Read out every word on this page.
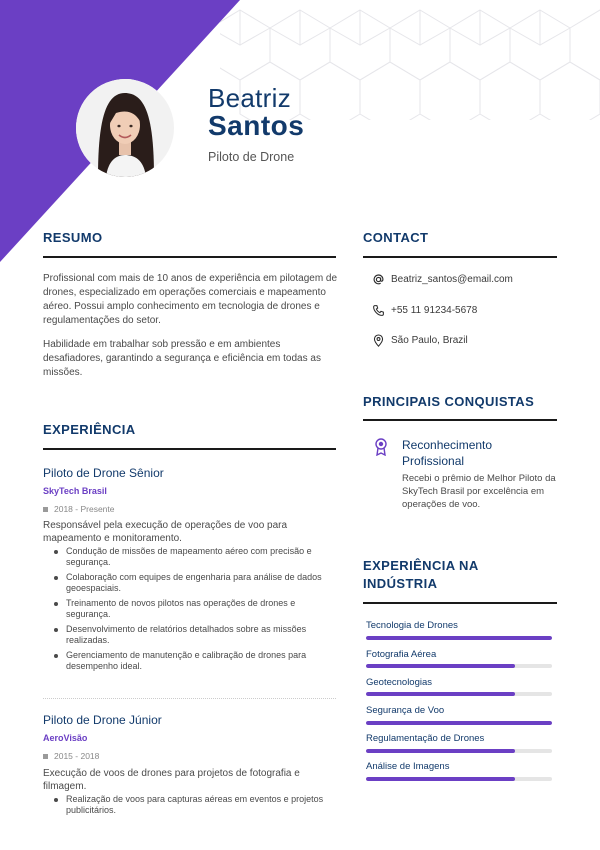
Beatriz
Santos
Piloto de Drone
RESUMO
Profissional com mais de 10 anos de experiência em pilotagem de drones, especializado em operações comerciais e mapeamento aéreo. Possui amplo conhecimento em tecnologia de drones e regulamentações do setor.
Habilidade em trabalhar sob pressão e em ambientes desafiadores, garantindo a segurança e eficiência em todas as missões.
EXPERIÊNCIA
Piloto de Drone Sênior
SkyTech Brasil
2018 - Presente
Responsável pela execução de operações de voo para mapeamento e monitoramento.
Condução de missões de mapeamento aéreo com precisão e segurança.
Colaboração com equipes de engenharia para análise de dados geoespaciais.
Treinamento de novos pilotos nas operações de drones e segurança.
Desenvolvimento de relatórios detalhados sobre as missões realizadas.
Gerenciamento de manutenção e calibração de drones para desempenho ideal.
Piloto de Drone Júnior
AeroVisão
2015 - 2018
Execução de voos de drones para projetos de fotografia e filmagem.
Realização de voos para capturas aéreas em eventos e projetos publicitários.
CONTACT
Beatriz_santos@email.com
+55 11 91234-5678
São Paulo, Brazil
PRINCIPAIS CONQUISTAS
Reconhecimento Profissional
Recebi o prêmio de Melhor Piloto da SkyTech Brasil por excelência em operações de voo.
EXPERIÊNCIA NA INDÚSTRIA
Tecnologia de Drones
Fotografia Aérea
Geotecnologias
Segurança de Voo
Regulamentação de Drones
Análise de Imagens
